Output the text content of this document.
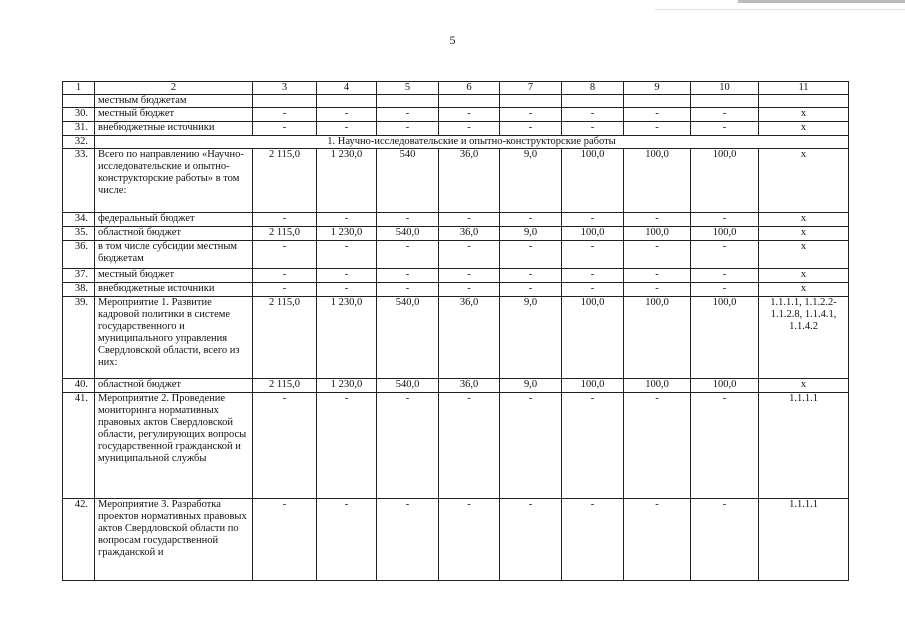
5
1	2	3	4	5	6	7	8	9	10	11
	местным бюджетам									
30.	местный бюджет	-	-	-	-	-	-	-	-	х
31.	внебюджетные источники	-	-	-	-	-	-	-	-	х
32.	1. Научно-исследовательские и опытно-конструкторские работы									
33.	Всего по направлению «Научно-исследовательские и опытно-конструкторские работы» в том числе:	2 115,0	1 230,0	540	36,0	9,0	100,0	100,0	100,0	х
34.	федеральный бюджет	-	-	-	-	-	-	-	-	х
35.	областной бюджет	2 115,0	1 230,0	540,0	36,0	9,0	100,0	100,0	100,0	х
36.	в том числе субсидии местным бюджетам	-	-	-	-	-	-	-	-	х
37.	местный бюджет	-	-	-	-	-	-	-	-	х
38.	внебюджетные источники	-	-	-	-	-	-	-	-	х
39.	Мероприятие 1. Развитие кадровой политики в системе государственного и муниципального управления Свердловской области, всего из них:	2 115,0	1 230,0	540,0	36,0	9,0	100,0	100,0	100,0	1.1.1.1, 1.1.2.2-1.1.2.8, 1.1.4.1, 1.1.4.2
40.	областной бюджет	2 115,0	1 230,0	540,0	36,0	9,0	100,0	100,0	100,0	х
41.	Мероприятие 2. Проведение мониторинга нормативных правовых актов Свердловской области, регулирующих вопросы государственной гражданской и муниципальной службы	-	-	-	-	-	-	-	-	1.1.1.1
42.	Мероприятие 3. Разработка проектов нормативных правовых актов Свердловской области по вопросам государственной гражданской и	-	-	-	-	-	-	-	-	1.1.1.1
